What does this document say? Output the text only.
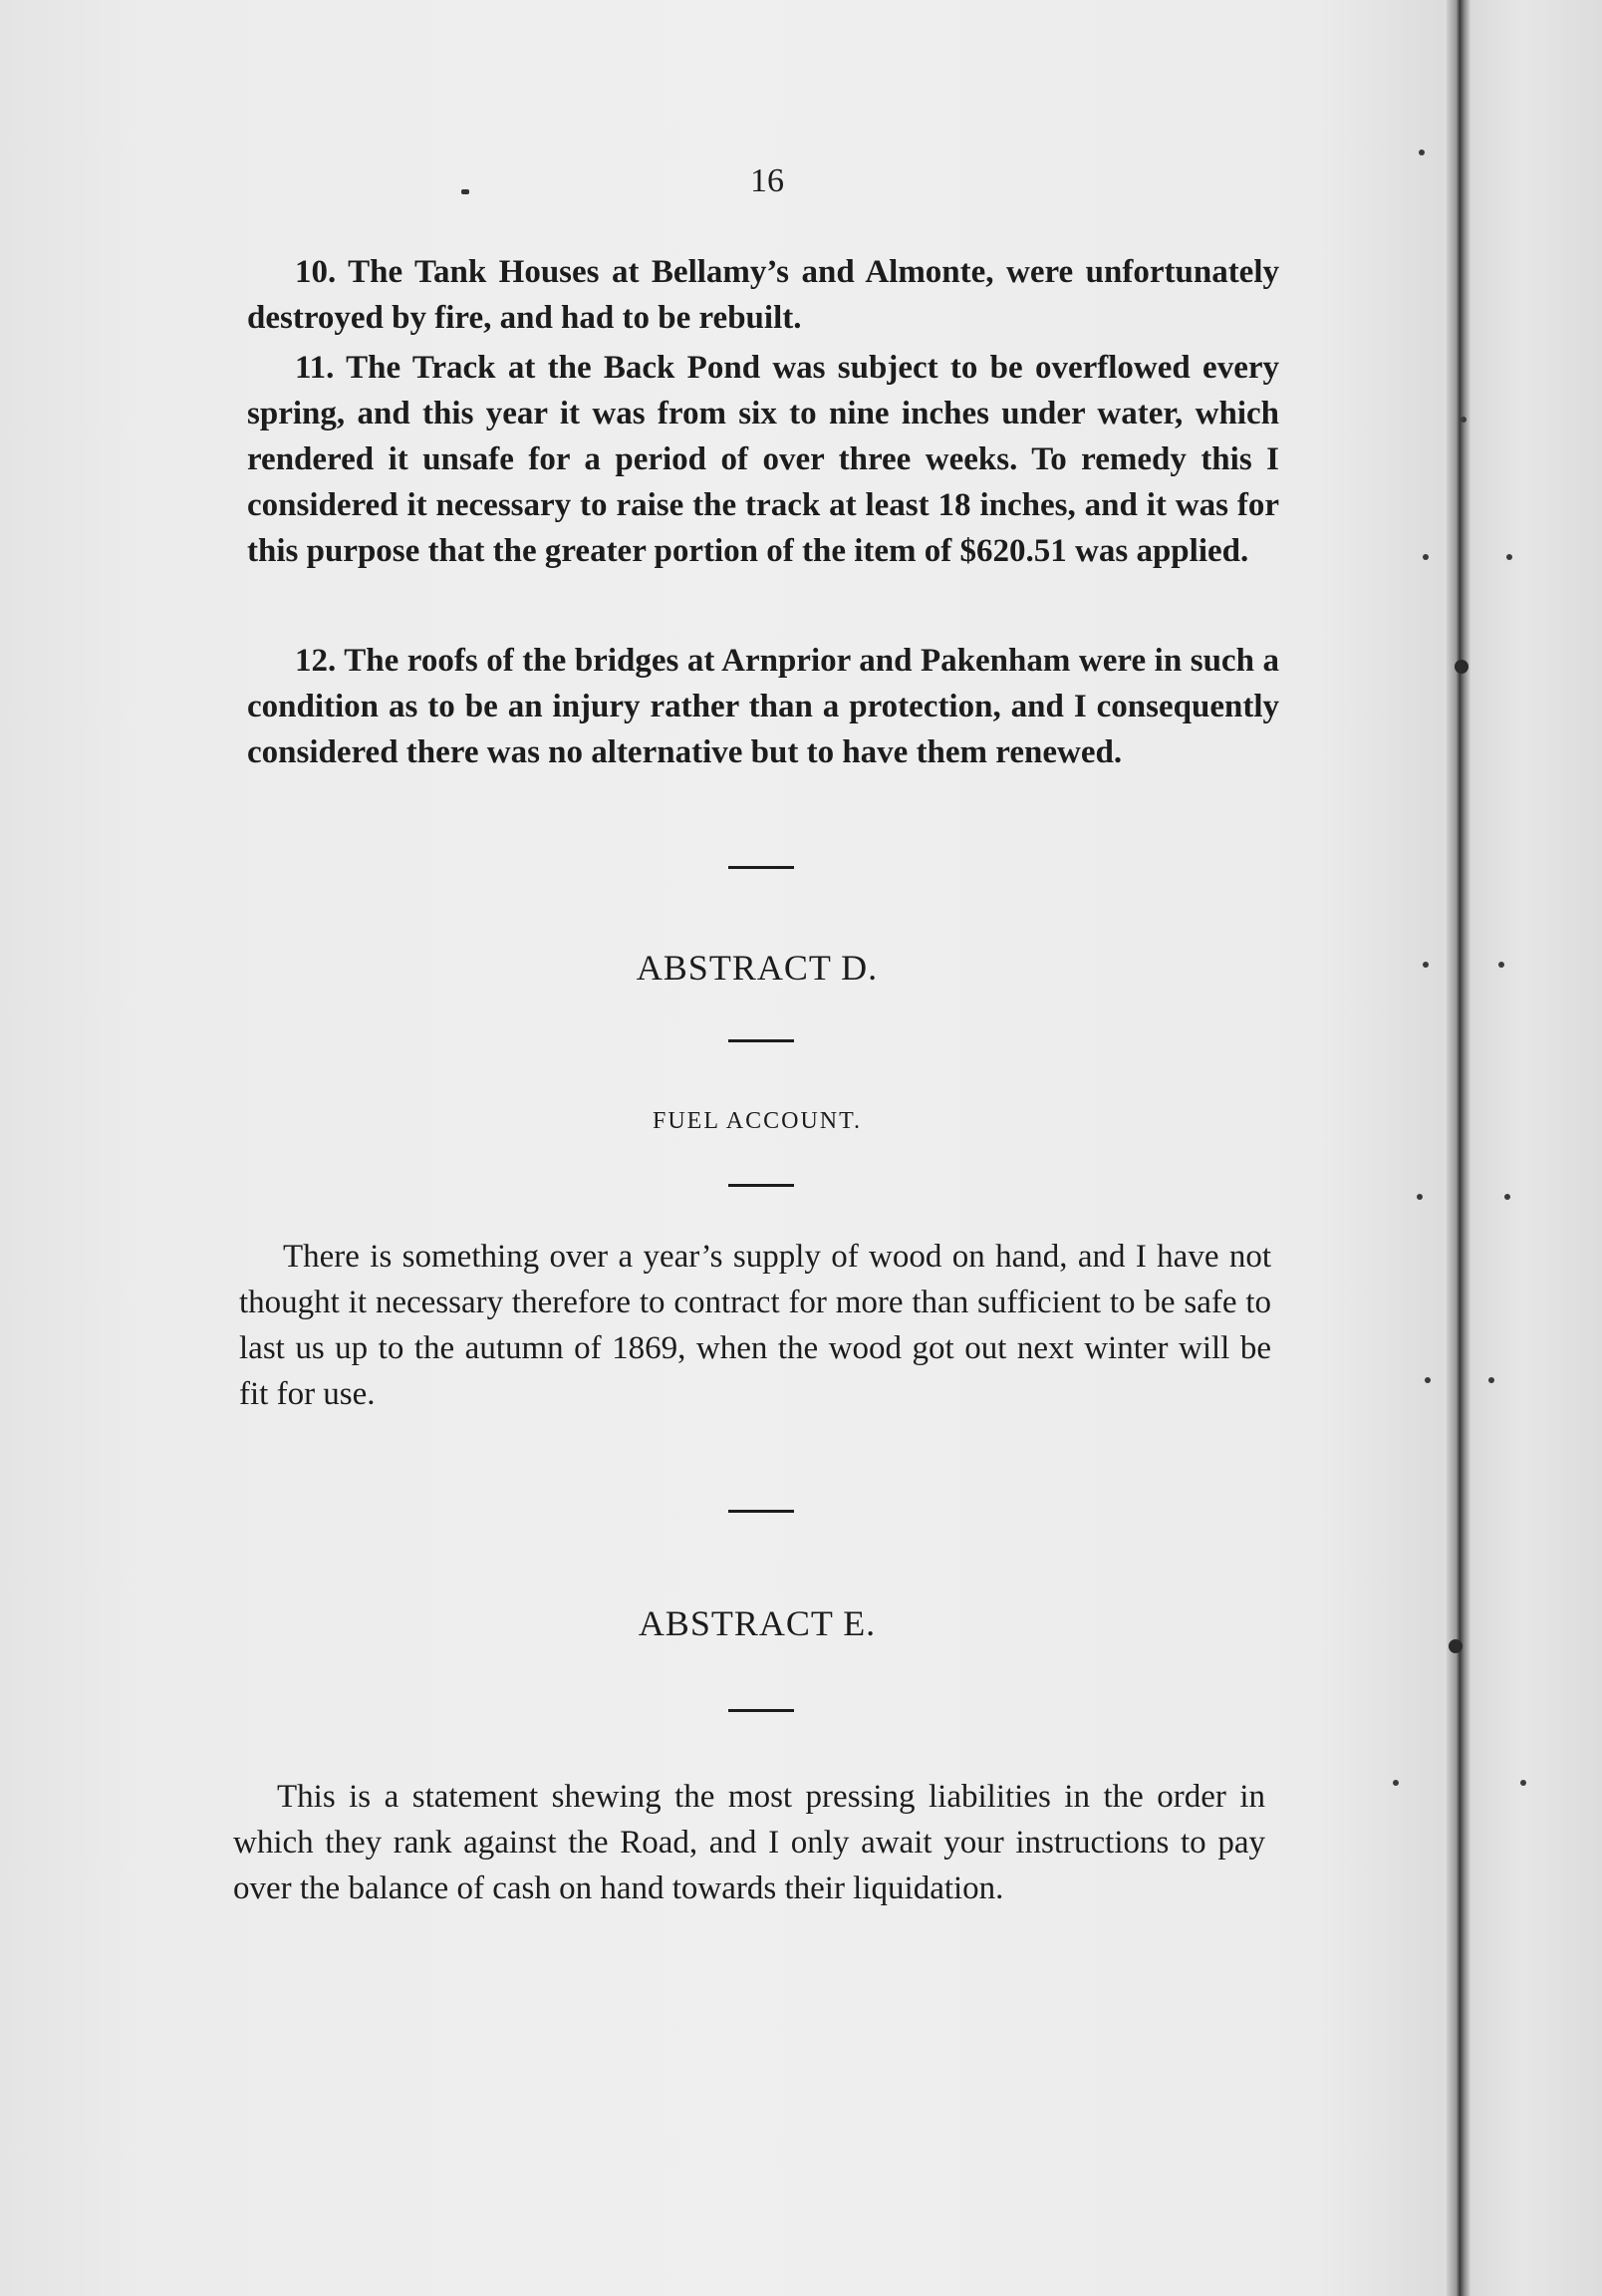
16

10. The Tank Houses at Bellamy’s and Almonte, were unfortunately destroyed by fire, and had to be rebuilt.

11. The Track at the Back Pond was subject to be overflowed every spring, and this year it was from six to nine inches under water, which rendered it unsafe for a period of over three weeks. To remedy this I considered it necessary to raise the track at least 18 inches, and it was for this purpose that the greater portion of the item of $620.51 was applied.

12. The roofs of the bridges at Arnprior and Pakenham were in such a condition as to be an injury rather than a protection, and I consequently considered there was no alternative but to have them renewed.

ABSTRACT D.
FUEL ACCOUNT.

There is something over a year’s supply of wood on hand, and I have not thought it necessary therefore to contract for more than sufficient to be safe to last us up to the autumn of 1869, when the wood got out next winter will be fit for use.

ABSTRACT E.

This is a statement shewing the most pressing liabilities in the order in which they rank against the Road, and I only await your instructions to pay over the balance of cash on hand towards their liquidation.
